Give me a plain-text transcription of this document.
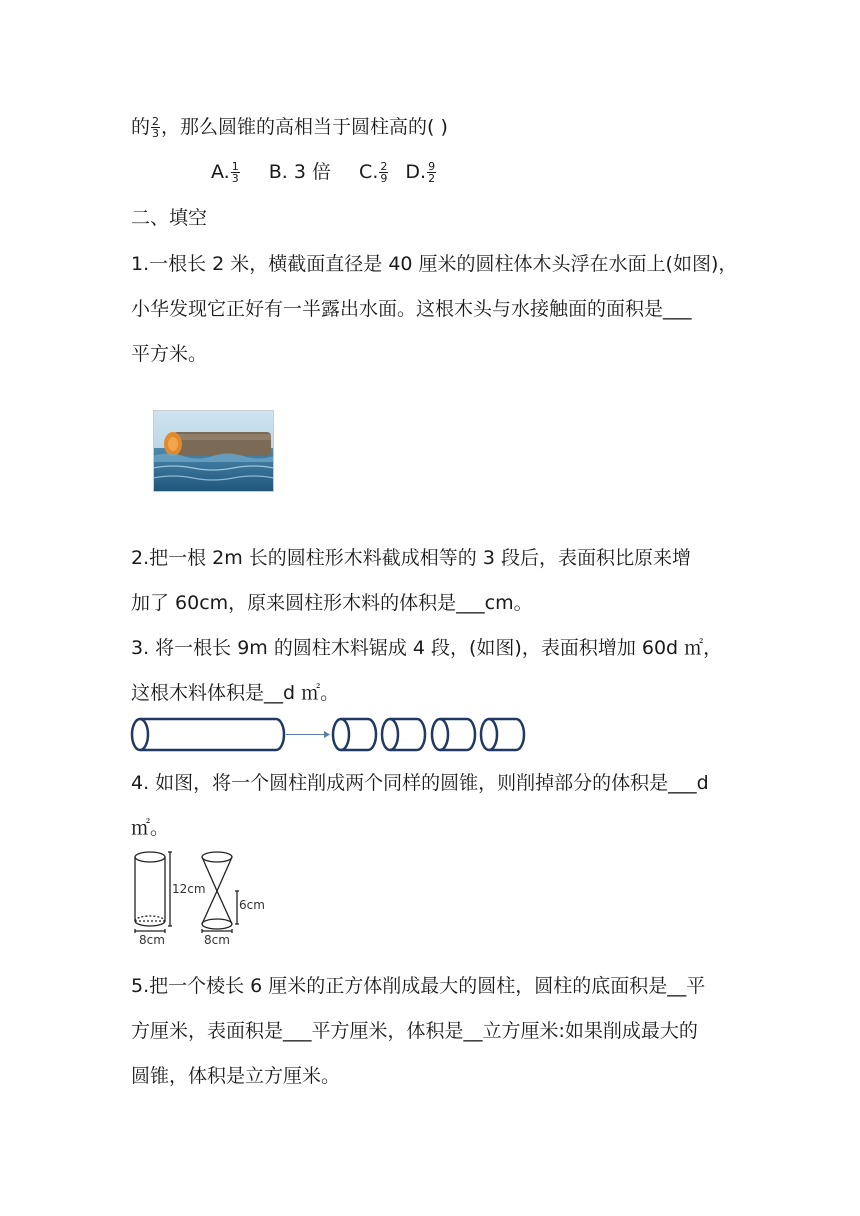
的 $\frac{2}{3}$ ，那么圆锥的高相当于圆柱高的( )
A. $\frac{1}{3} B$. 3 倍 C. $\frac{2}{9} D$. $\frac{9}{2}$
二、填空
1.一根长 2 米，横截面直径是 40 厘米的圆柱体木头浮在水面上(如图)，
小华发现它正好有一半露出水面。这根木头与水接触面的面积是___
平方米。
2.把一根 2m 长的圆柱形木料截成相等的 3 段后，表面积比原来增
加了 60cm，原来圆柱形木料的体积是___cm。
3. 将一根长 9m 的圆柱木料锯成 4 段，(如图)，表面积增加 60d ㎡，
这根木料体积是__d ㎡。
4. 如图，将一个圆柱削成两个同样的圆锥，则削掉部分的体积是___d
㎡。
12cm
6cm
8cm	8cm
5.把一个棱长 6 厘米的正方体削成最大的圆柱，圆柱的底面积是__平
方厘米，表面积是___平方厘米，体积是__立方厘米:如果削成最大的
圆锥，体积是立方厘米。
